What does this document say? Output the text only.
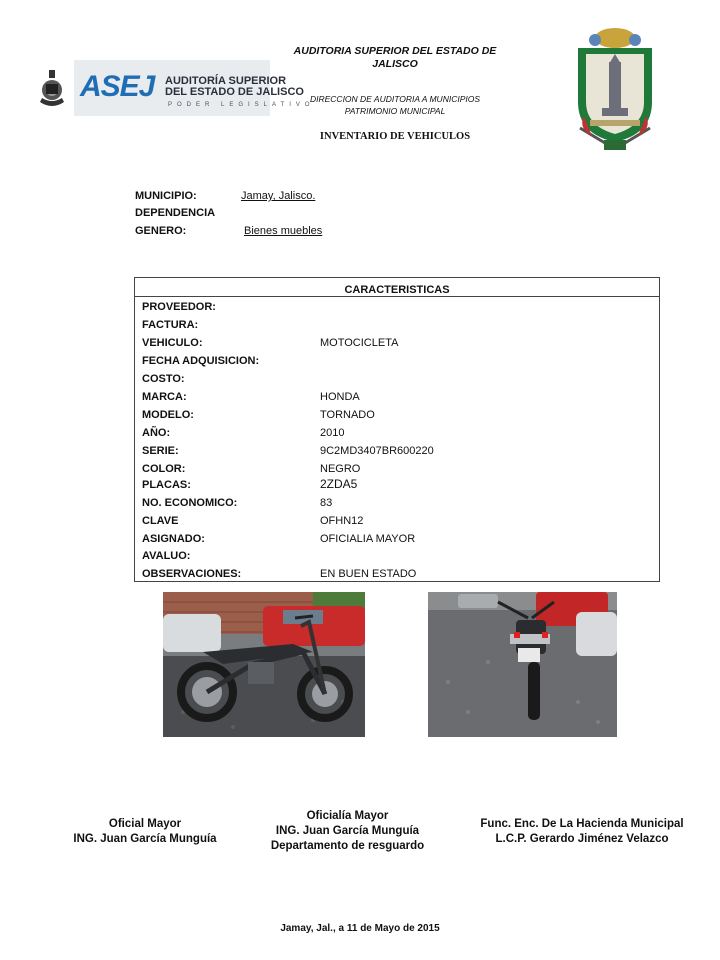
AUDITORIA SUPERIOR DEL ESTADO DE JALISCO
DIRECCION DE AUDITORIA A MUNICIPIOS
PATRIMONIO MUNICIPAL
INVENTARIO DE VEHICULOS
ASEJ AUDITORÍA SUPERIOR
DEL ESTADO DE JALISCO
PODER LEGISLATIVO
MUNICIPIO:	Jamay, Jalisco.
DEPENDENCIA
GENERO:	Bienes muebles
CARACTERISTICAS
PROVEEDOR:
FACTURA:
VEHICULO:	MOTOCICLETA
FECHA ADQUISICION:
COSTO:
MARCA:	HONDA
MODELO:	TORNADO
AÑO:	2010
SERIE:	9C2MD3407BR600220
COLOR:	NEGRO
PLACAS:	2ZDA5
NO. ECONOMICO:	83
CLAVE	OFHN12
ASIGNADO:	OFICIALIA MAYOR
AVALUO:
OBSERVACIONES:	EN BUEN ESTADO
Oficial Mayor
ING. Juan García Munguía
Oficialía Mayor
ING. Juan García Munguía
Departamento de resguardo
Func. Enc. De La Hacienda Municipal
L.C.P. Gerardo Jiménez Velazco
Jamay, Jal., a 11 de Mayo de 2015
